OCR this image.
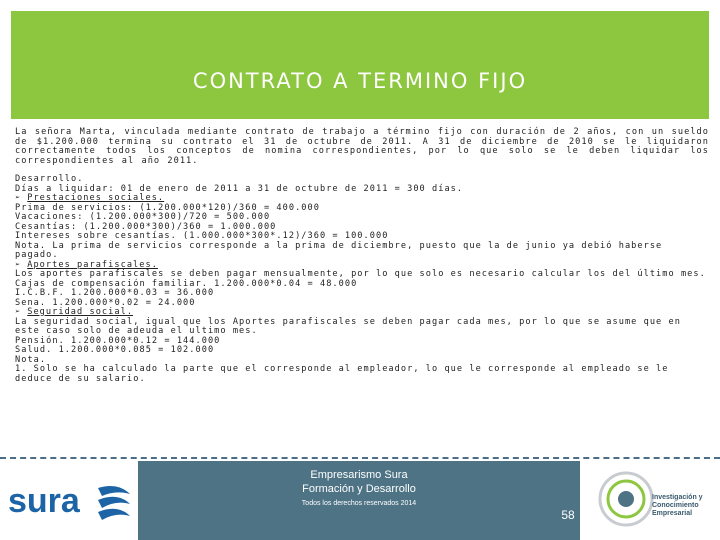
CONTRATO A TERMINO FIJO

La señora Marta, vinculada mediante contrato de trabajo a término fijo con duración de 2 años, con un sueldo de $1.200.000 termina su contrato el 31 de octubre de 2011. A 31 de diciembre de 2010 se le liquidaron correctamente todos los conceptos de nomina correspondientes, por lo que solo se le deben liquidar los correspondientes al año 2011.

Desarrollo.
Días a liquidar: 01 de enero de 2011 a 31 de octubre de 2011 = 300 días.
➢ Prestaciones sociales.
Prima de servicios: (1.200.000*120)/360 = 400.000
Vacaciones: (1.200.000*300)/720 = 500.000
Cesantías: (1.200.000*300)/360 = 1.000.000
Intereses sobre cesantías. (1.000.000*300*.12)/360 = 100.000
Nota. La prima de servicios corresponde a la prima de diciembre, puesto que la de junio ya debió haberse pagado.
➢ Aportes parafiscales.
Los aportes parafiscales se deben pagar mensualmente, por lo que solo es necesario calcular los del último mes.
Cajas de compensación familiar. 1.200.000*0.04 = 48.000
I.C.B.F. 1.200.000*0.03 = 36.000
Sena. 1.200.000*0.02 = 24.000
➢ Seguridad social.
La seguridad social, igual que los Aportes parafiscales se deben pagar cada mes, por lo que se asume que en este caso solo de adeuda el ultimo mes.
Pensión. 1.200.000*0.12 = 144.000
Salud. 1.200.000*0.085 = 102.000
Nota.
1. Solo se ha calculado la parte que el corresponde al empleador, lo que le corresponde al empleado se le deduce de su salario.
sura
Empresarismo Sura
Formación y Desarrollo
Todos los derechos reservados 2014
58
Investigación y Conocimiento Empresarial
